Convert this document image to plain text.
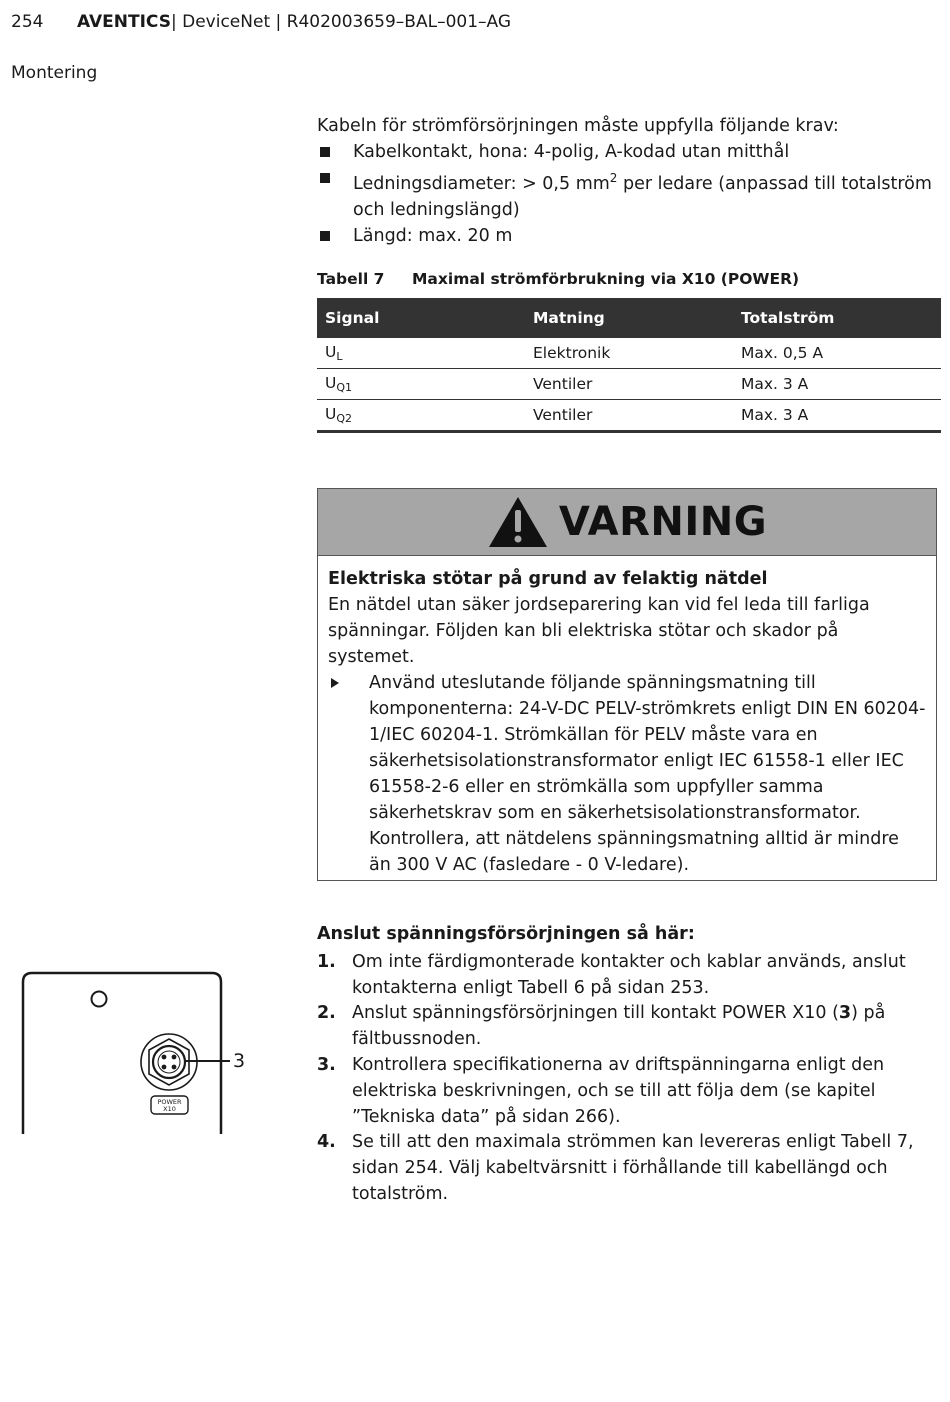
254 AVENTICS | DeviceNet | R402003659–BAL–001–AG
Montering

Kabeln för strömförsörjningen måste uppfylla följande krav:

Kabelkontakt, hona: 4-polig, A-kodad utan mitthål
Ledningsdiameter: > 0,5 $mm^2$ per ledare (anpassad till totalström och ledningslängd)
Längd: max. 20 m
Tabell 7 Maximal strömförbrukning via X10 (POWER)
Signal	Matning	Totalström
$U_L$	Elektronik	Max. 0,5 A
$U_{Q1}$	Ventiler	Max. 3 A
$U_{Q2}$	Ventiler	Max. 3 A
VARNING

Elektriska stötar på grund av felaktig nätdel

En nätdel utan säker jordseparering kan vid fel leda till farliga spänningar. Följden kan bli elektriska stötar och skador på systemet.

Använd uteslutande följande spänningsmatning till komponenterna: 24-V-DC PELV-strömkrets enligt DIN EN 60204-1/IEC 60204-1. Strömkällan för PELV måste vara en säkerhetsisolationstransformator enligt IEC 61558-1 eller IEC 61558-2-6 eller en strömkälla som uppfyller samma säkerhetskrav som en säkerhetsisolationstransformator. Kontrollera, att nätdelens spänningsmatning alltid är mindre än 300 V AC (fasledare - 0 V-ledare).
Anslut spänningsförsörjningen så här:
1. Om inte färdigmonterade kontakter och kablar används, anslut kontakterna enligt Tabell 6 på sidan 253.
2. Anslut spänningsförsörjningen till kontakt POWER X10 (3) på fältbussnoden.
3. Kontrollera specifikationerna av driftspänningarna enligt den elektriska beskrivningen, och se till att följa dem (se kapitel ”Tekniska data” på sidan 266).
4. Se till att den maximala strömmen kan levereras enligt Tabell 7, sidan 254. Välj kabeltvärsnitt i förhållande till kabellängd och totalström.
3
POWER
X10
